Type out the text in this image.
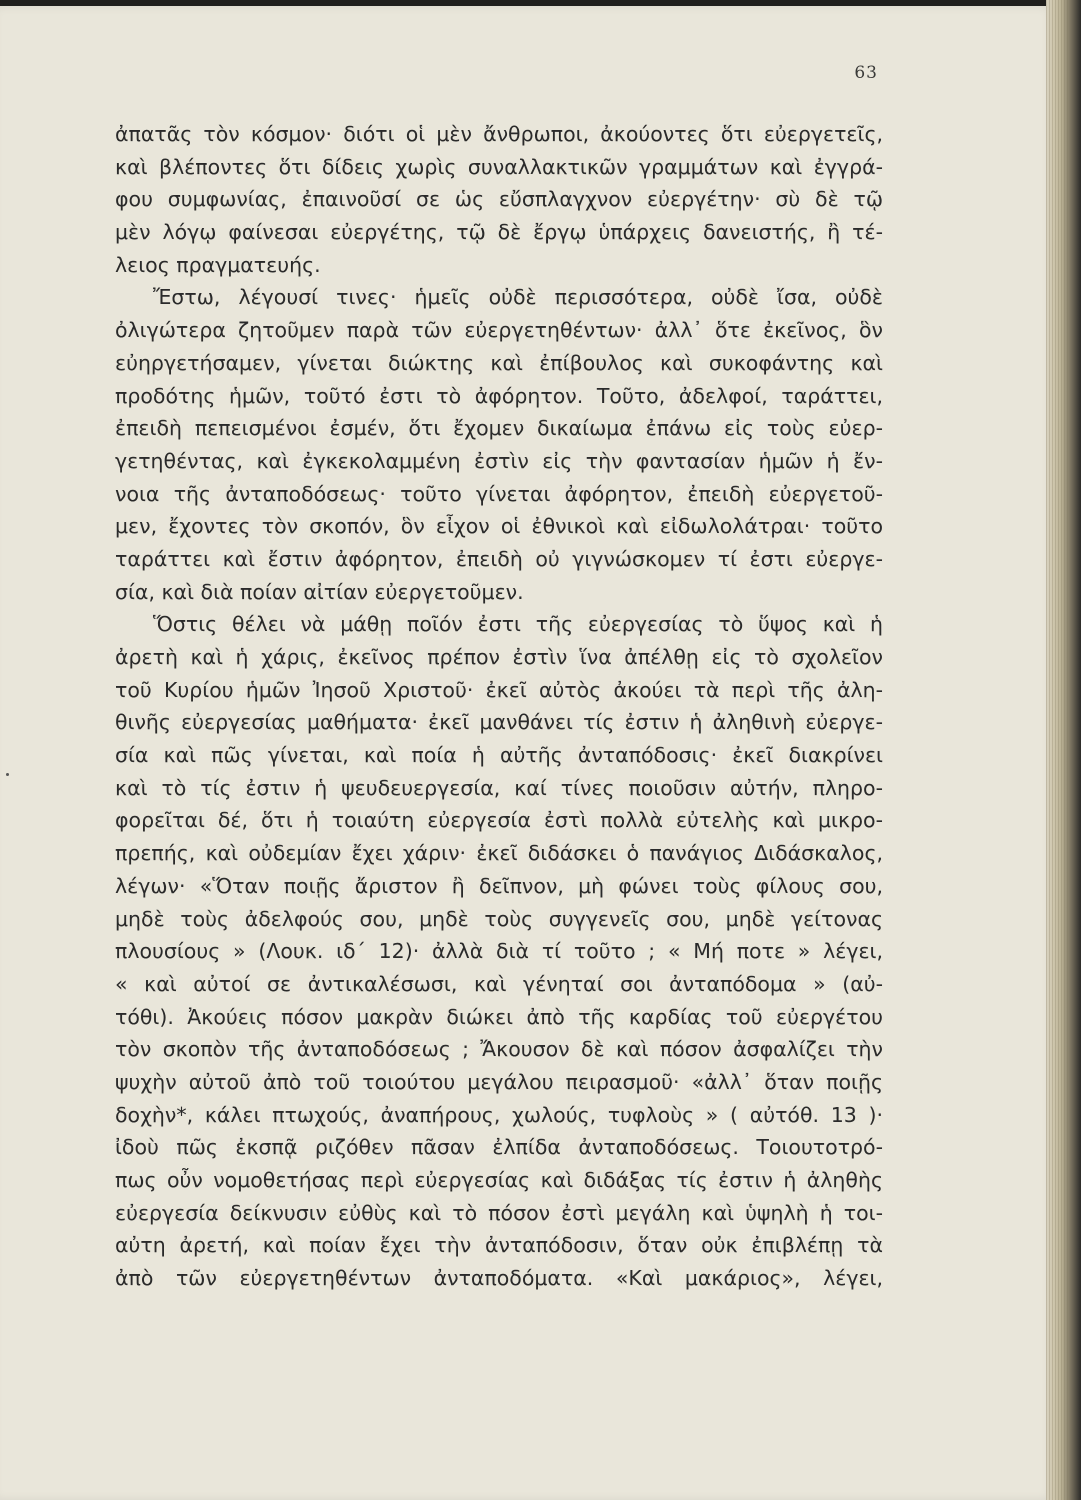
63
ἀπατᾶς τὸν κόσμον· διότι οἱ μὲν ἄνθρωποι, ἀκούοντες ὅτι εὐεργετεῖς,
καὶ βλέποντες ὅτι δίδεις χωρὶς συναλλακτικῶν γραμμάτων καὶ ἐγγρά-
φου συμφωνίας, ἐπαινοῦσί σε ὡς εὔσπλαγχνον εὐεργέτην· σὺ δὲ τῷ
μὲν λόγῳ φαίνεσαι εὐεργέτης, τῷ δὲ ἔργῳ ὑπάρχεις δανειστής, ἢ τέ-
λειος πραγματευής.
Ἔστω, λέγουσί τινες· ἡμεῖς οὐδὲ περισσότερα, οὐδὲ ἴσα, οὐδὲ
ὀλιγώτερα ζητοῦμεν παρὰ τῶν εὐεργετηθέντων· ἀλλ᾽ ὅτε ἐκεῖνος, ὃν
εὐηργετήσαμεν, γίνεται διώκτης καὶ ἐπίβουλος καὶ συκοφάντης καὶ
προδότης ἡμῶν, τοῦτό ἐστι τὸ ἀφόρητον. Τοῦτο, ἀδελφοί, ταράττει,
ἐπειδὴ πεπεισμένοι ἐσμέν, ὅτι ἔχομεν δικαίωμα ἐπάνω εἰς τοὺς εὐερ-
γετηθέντας, καὶ ἐγκεκολαμμένη ἐστὶν εἰς τὴν φαντασίαν ἡμῶν ἡ ἔν-
νοια τῆς ἀνταποδόσεως· τοῦτο γίνεται ἀφόρητον, ἐπειδὴ εὐεργετοῦ-
μεν, ἔχοντες τὸν σκοπόν, ὃν εἶχον οἱ ἐθνικοὶ καὶ εἰδωλολάτραι· τοῦτο
ταράττει καὶ ἔστιν ἀφόρητον, ἐπειδὴ οὐ γιγνώσκομεν τί ἐστι εὐεργε-
σία, καὶ διὰ ποίαν αἰτίαν εὐεργετοῦμεν.
Ὅστις θέλει νὰ μάθῃ ποῖόν ἐστι τῆς εὐεργεσίας τὸ ὕψος καὶ ἡ
ἀρετὴ καὶ ἡ χάρις, ἐκεῖνος πρέπον ἐστὶν ἵνα ἀπέλθῃ εἰς τὸ σχολεῖον
τοῦ Κυρίου ἡμῶν Ἰησοῦ Χριστοῦ· ἐκεῖ αὐτὸς ἀκούει τὰ περὶ τῆς ἀλη-
θινῆς εὐεργεσίας μαθήματα· ἐκεῖ μανθάνει τίς ἐστιν ἡ ἀληθινὴ εὐεργε-
σία καὶ πῶς γίνεται, καὶ ποία ἡ αὐτῆς ἀνταπόδοσις· ἐκεῖ διακρίνει
καὶ τὸ τίς ἐστιν ἡ ψευδευεργεσία, καί τίνες ποιοῦσιν αὐτήν, πληρο-
φορεῖται δέ, ὅτι ἡ τοιαύτη εὐεργεσία ἐστὶ πολλὰ εὐτελὴς καὶ μικρο-
πρεπής, καὶ οὐδεμίαν ἔχει χάριν· ἐκεῖ διδάσκει ὁ πανάγιος Διδάσκαλος,
λέγων· «Ὅταν ποιῇς ἄριστον ἢ δεῖπνον, μὴ φώνει τοὺς φίλους σου,
μηδὲ τοὺς ἀδελφούς σου, μηδὲ τοὺς συγγενεῖς σου, μηδὲ γείτονας
πλουσίους » (Λουκ. ιδ΄ 12)· ἀλλὰ διὰ τί τοῦτο ; « Μή ποτε » λέγει,
« καὶ αὐτοί σε ἀντικαλέσωσι, καὶ γένηταί σοι ἀνταπόδομα » (αὐ-
τόθι). Ἀκούεις πόσον μακρὰν διώκει ἀπὸ τῆς καρδίας τοῦ εὐεργέτου
τὸν σκοπὸν τῆς ἀνταποδόσεως ; Ἄκουσον δὲ καὶ πόσον ἀσφαλίζει τὴν
ψυχὴν αὐτοῦ ἀπὸ τοῦ τοιούτου μεγάλου πειρασμοῦ· «ἀλλ᾽ ὅταν ποιῇς
δοχὴν*, κάλει πτωχούς, ἀναπήρους, χωλούς, τυφλοὺς » ( αὐτόθ. 13 )·
ἰδοὺ πῶς ἐκσπᾷ ριζόθεν πᾶσαν ἐλπίδα ἀνταποδόσεως. Τοιουτοτρό-
πως οὖν νομοθετήσας περὶ εὐεργεσίας καὶ διδάξας τίς ἐστιν ἡ ἀληθὴς
εὐεργεσία δείκνυσιν εὐθὺς καὶ τὸ πόσον ἐστὶ μεγάλη καὶ ὑψηλὴ ἡ τοι-
αὐτη ἀρετή, καὶ ποίαν ἔχει τὴν ἀνταπόδοσιν, ὅταν οὐκ ἐπιβλέπῃ τὰ
ἀπὸ τῶν εὐεργετηθέντων ἀνταποδόματα. «Καὶ μακάριος», λέγει,
